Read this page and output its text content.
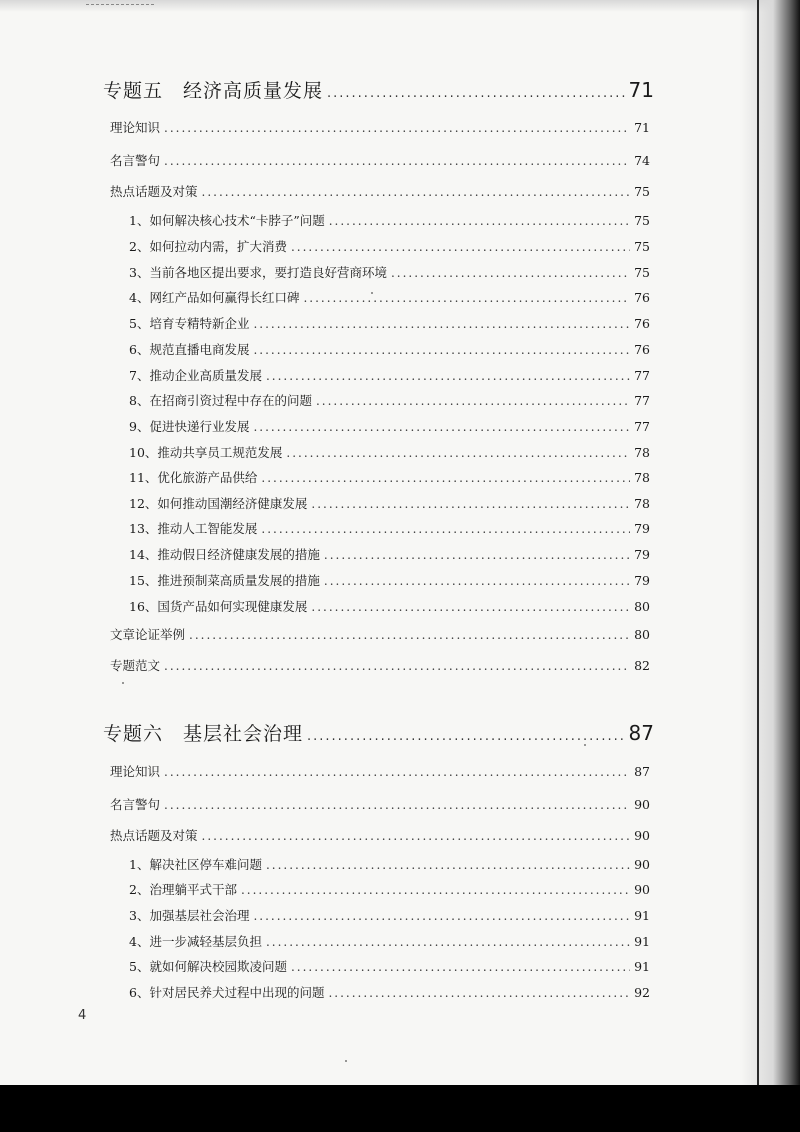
专题五　经济高质量发展 .....	71
理论知识 .....	71
名言警句 .....	74
热点话题及对策 .....	75
1、如何解决核心技术“卡脖子”问题 .....	75
2、如何拉动内需，扩大消费 .....	75
3、当前各地区提出要求，要打造良好营商环境 .....	75
4、网红产品如何赢得长红口碑 .....	76
5、培育专精特新企业 .....	76
6、规范直播电商发展 .....	76
7、推动企业高质量发展 .....	77
8、在招商引资过程中存在的问题 .....	77
9、促进快递行业发展 .....	77
10、推动共享员工规范发展 .....	78
11、优化旅游产品供给 .....	78
12、如何推动国潮经济健康发展 .....	78
13、推动人工智能发展 .....	79
14、推动假日经济健康发展的措施 .....	79
15、推进预制菜高质量发展的措施 .....	79
16、国货产品如何实现健康发展 .....	80
文章论证举例 .....	80
专题范文 .....	82
专题六　基层社会治理 .....	87
理论知识 .....	87
名言警句 .....	90
热点话题及对策 .....	90
1、解决社区停车难问题 .....	90
2、治理躺平式干部 .....	90
3、加强基层社会治理 .....	91
4、进一步减轻基层负担 .....	91
5、就如何解决校园欺凌问题 .....	91
6、针对居民养犬过程中出现的问题 .....	92
4
